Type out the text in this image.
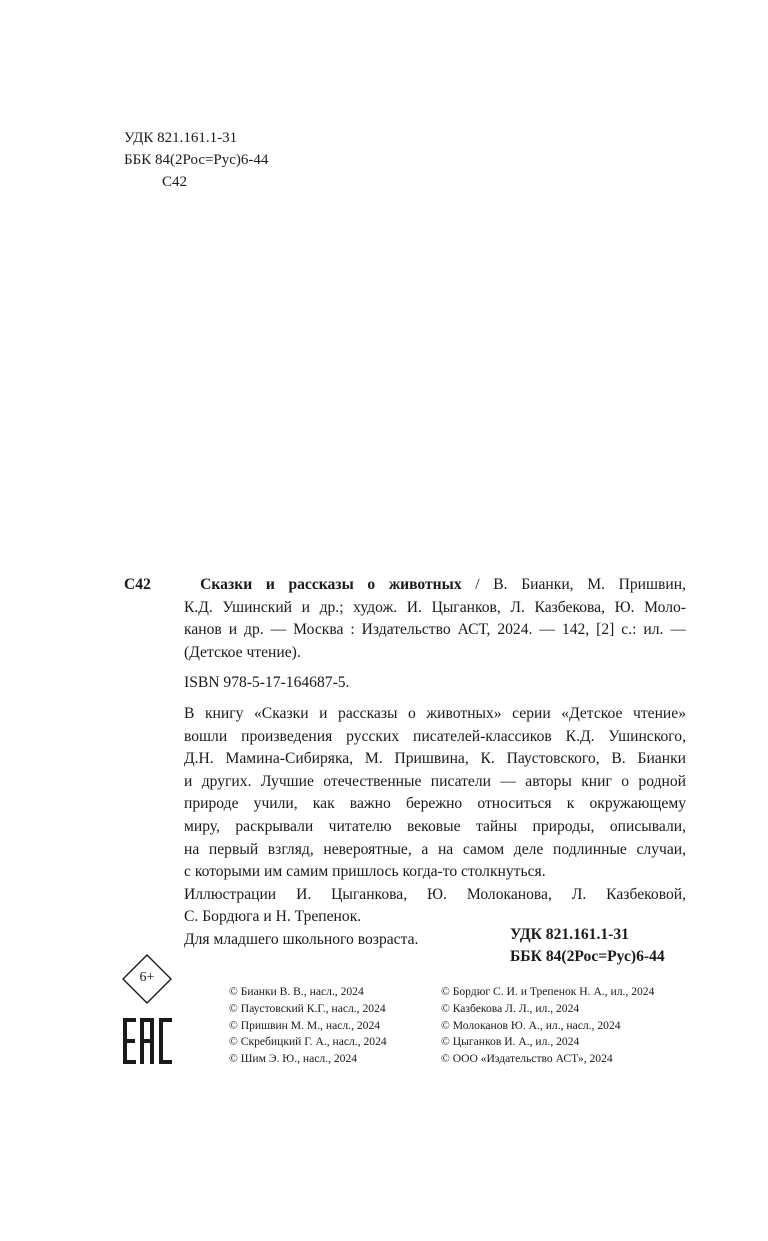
УДК 821.161.1-31
ББК 84(2Рос=Рус)6-44
С42
С42	Сказки и рассказы о животных / В. Бианки, М. Пришвин,
К.Д. Ушинский и др.; худож. И. Цыганков, Л. Казбекова, Ю. Моло-
канов и др. — Москва : Издательство АСТ, 2024. — 142, [2] с.: ил. —
(Детское чтение).
ISBN 978-5-17-164687-5.
В книгу «Сказки и рассказы о животных» серии «Детское чтение»
вошли произведения русских писателей-классиков К.Д. Ушинского,
Д.Н. Мамина-Сибиряка, М. Пришвина, К. Паустовского, В. Бианки
и других. Лучшие отечественные писатели — авторы книг о родной
природе учили, как важно бережно относиться к окружающему
миру, раскрывали читателю вековые тайны природы, описывали,
на первый взгляд, невероятные, а на самом деле подлинные случаи,
с которыми им самим пришлось когда-то столкнуться.
Иллюстрации И. Цыганкова, Ю. Молоканова, Л. Казбековой,
С. Бордюга и Н. Трепенок.
Для младшего школьного возраста.	УДК 821.161.1-31
ББК 84(2Рос=Рус)6-44
6+
© Бианки В. В., насл., 2024
© Паустовский К.Г., насл., 2024
© Пришвин М. М., насл., 2024
© Скребицкий Г. А., насл., 2024
© Шим Э. Ю., насл., 2024
© Бордюг С. И. и Трепенок Н. А., ил., 2024
© Казбекова Л. Л., ил., 2024
© Молоканов Ю. А., ил., насл., 2024
© Цыганков И. А., ил., 2024
© ООО «Издательство АСТ», 2024
